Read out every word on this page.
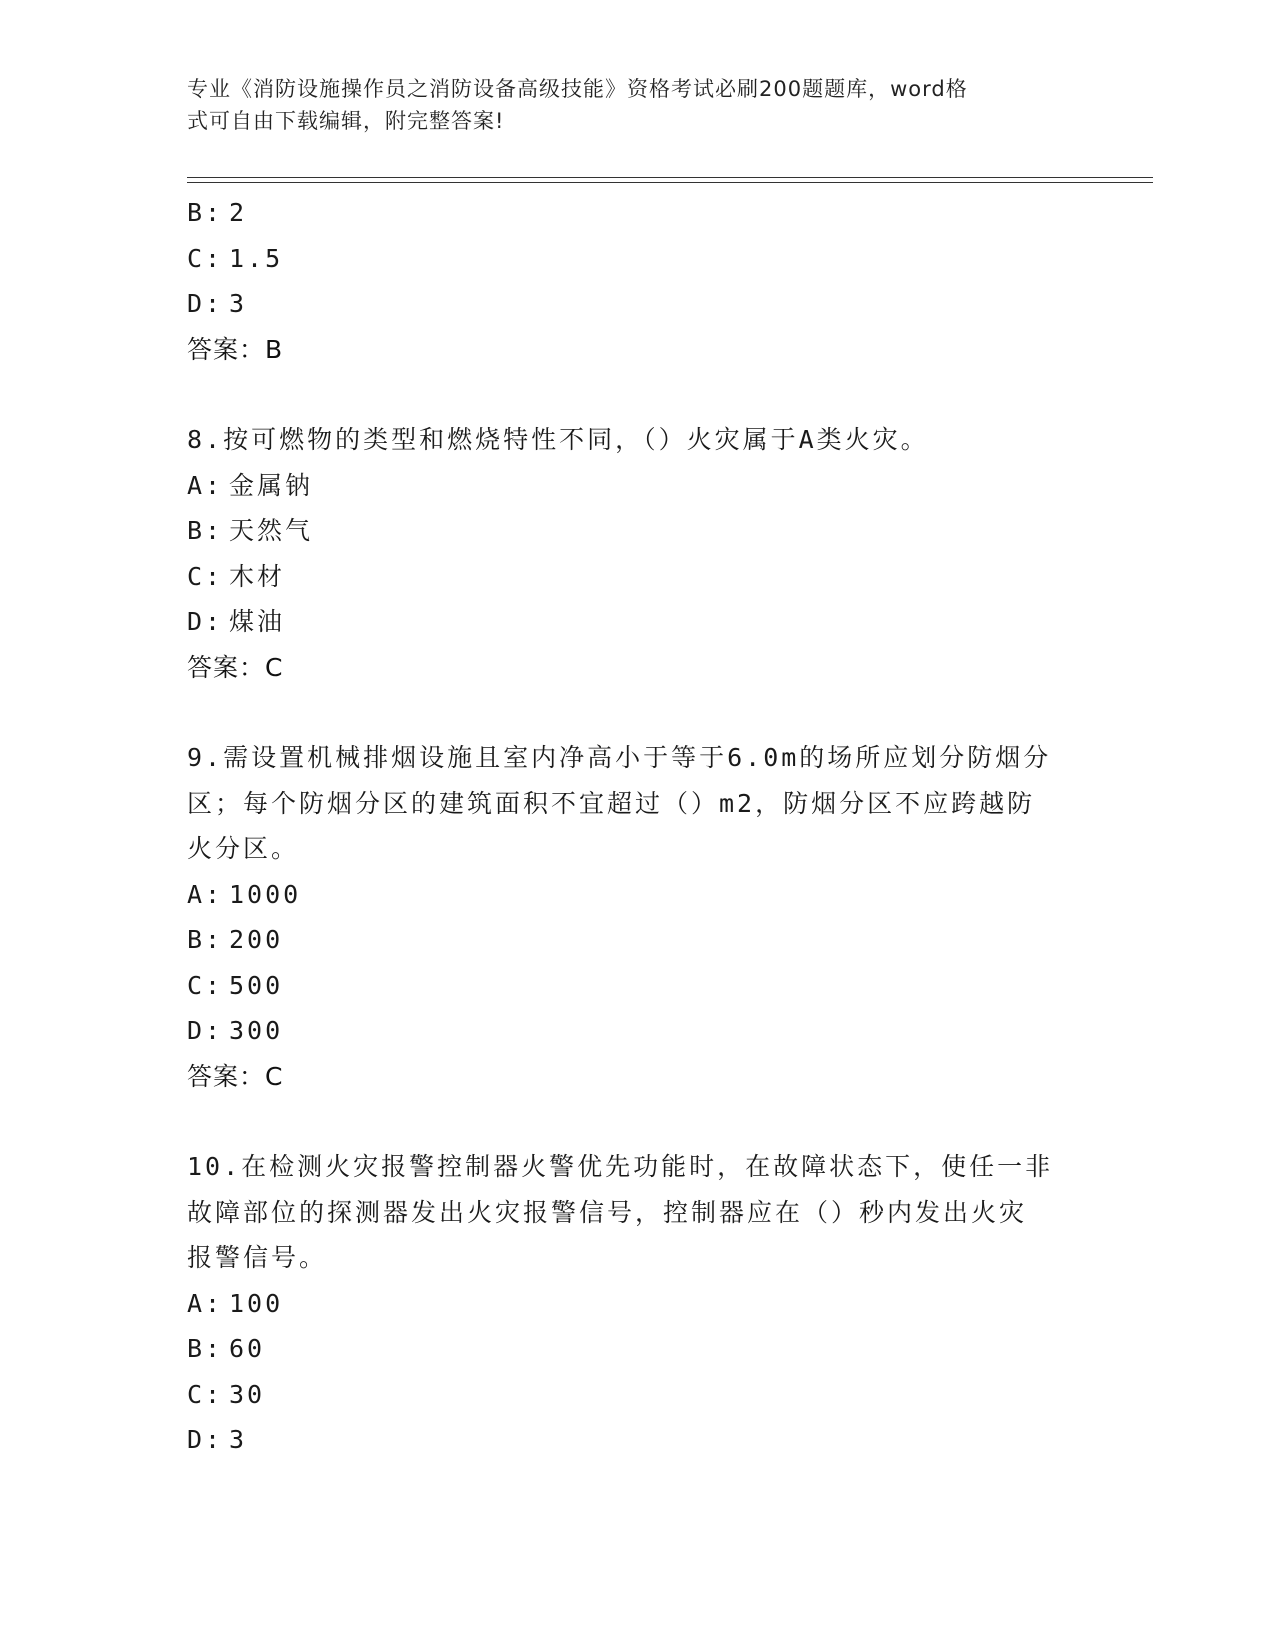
专业《消防设施操作员之消防设备高级技能》资格考试必刷200题题库，word格
式可自由下载编辑，附完整答案!
B: 2
C: 1.5
D: 3
答案：B
8.按可燃物的类型和燃烧特性不同，（）火灾属于A类火灾。
A: 金属钠
B: 天然气
C: 木材
D: 煤油
答案：C
9.需设置机械排烟设施且室内净高小于等于6.0m的场所应划分防烟分
区；每个防烟分区的建筑面积不宜超过（）m2，防烟分区不应跨越防
火分区。
A: 1000
B: 200
C: 500
D: 300
答案：C
10.在检测火灾报警控制器火警优先功能时，在故障状态下，使任一非
故障部位的探测器发出火灾报警信号，控制器应在（）秒内发出火灾
报警信号。
A: 100
B: 60
C: 30
D: 3
